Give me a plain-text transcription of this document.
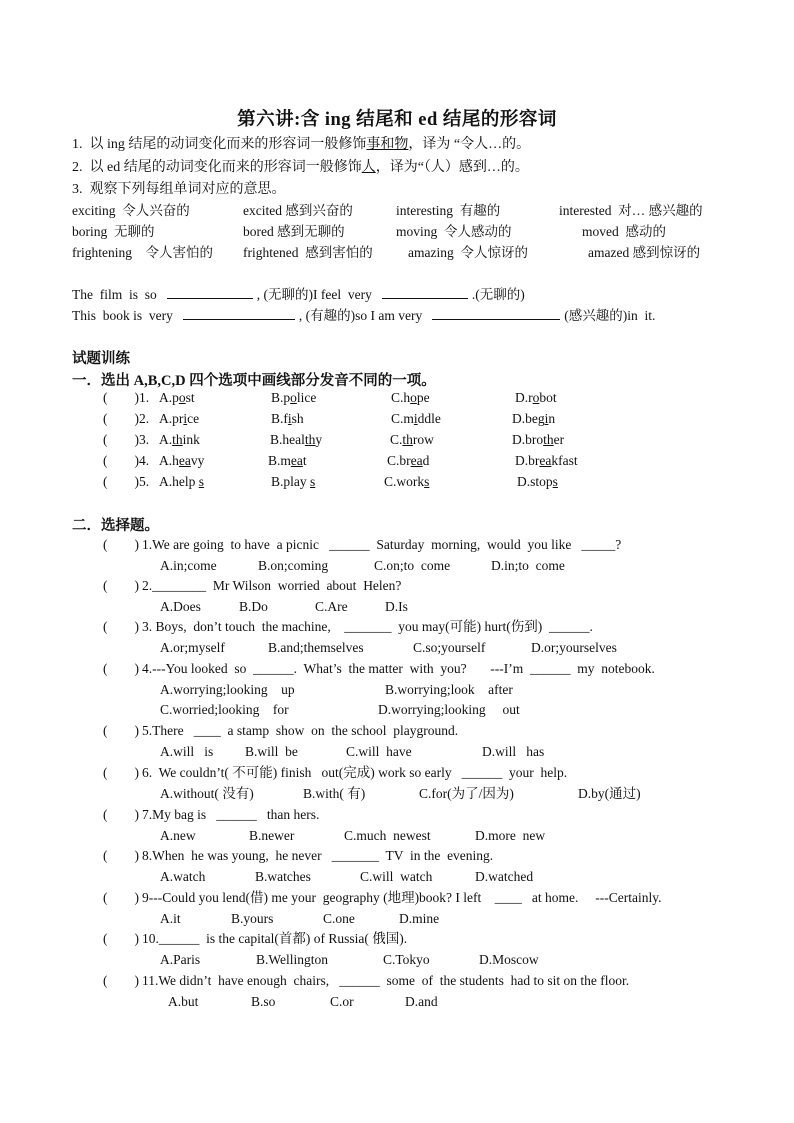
第六讲:含 ing 结尾和 ed 结尾的形容词
1.  以 ing 结尾的动词变化而来的形容词一般修饰事和物，译为 “令人…的。
2.  以 ed 结尾的动词变化而来的形容词一般修饰人，译为“（人）感到…的。
3.  观察下列每组单词对应的意思。
exciting  令人兴奋的	excited 感到兴奋的	interesting  有趣的	interested  对… 感兴趣的
boring  无聊的	bored 感到无聊的	moving  令人感动的	moved  感动的
frightening    令人害怕的 frightened  感到害怕的	amazing  令人惊讶的	amazed 感到惊讶的
The  film  is  so	, (无聊的)I feel  very	.(无聊的)
This  book is  very	, (有趣的)so I am very	(感兴趣的)in  it.
试题训练
一．选出 A,B,C,D 四个选项中画线部分发音不同的一项。
(        )1. A.post	B.police	C.hope	D.robot
(        )2. A.price	B.fish	C.middle	D.begin
(        )3. A.think	B.healthy	C.throw	D.brother
(        )4. A.heavy	B.meat	C.bread	D.breakfast
(        )5. A.help s	B.play s	C.works	D.stops
二．选择题。
(        ) 1.We are going  to have  a picnic   ______  Saturday  morning,  would  you like   _____?
A.in;come	B.on;coming	C.on;to  come	D.in;to  come
(        ) 2.________  Mr Wilson  worried  about  Helen?
A.Does	B.Do	C.Are	D.Is
(        ) 3. Boys,  don’t touch  the machine,    _______  you may(可能) hurt(伤到)  ______.
A.or;myself	B.and;themselves	C.so;yourself	D.or;yourselves
(        ) 4.---You looked  so  ______.  What’s  the matter  with  you?       ---I’m  ______  my  notebook.
A.worrying;looking    up	B.worrying;look    after
C.worried;looking    for	D.worrying;looking     out
(        ) 5.There   ____  a stamp  show  on  the school  playground.
A.will   is B.will  be	C.will  have	D.will   has
(        ) 6.  We couldn’t( 不可能) finish   out(完成) work so early   ______  your  help.
A.without( 没有)	B.with( 有)	C.for(为了/因为)	D.by(通过)
(        ) 7.My bag is   ______   than hers.
A.new	B.newer	C.much  newest	D.more  new
(        ) 8.When  he was young,  he never   _______  TV  in the  evening.
A.watch	B.watches	C.will  watch	D.watched
(        ) 9---Could you lend(借) me your  geography (地理)book? I left    ____   at home.     ---Certainly.
A.it	B.yours	C.one	D.mine
(        ) 10.______  is the capital(首都) of Russia( 俄国).
A.Paris	B.Wellington	C.Tokyo	D.Moscow
(        ) 11.We didn’t  have enough  chairs,   ______  some  of  the students  had to sit on the floor.
A.but	B.so	C.or	D.and
